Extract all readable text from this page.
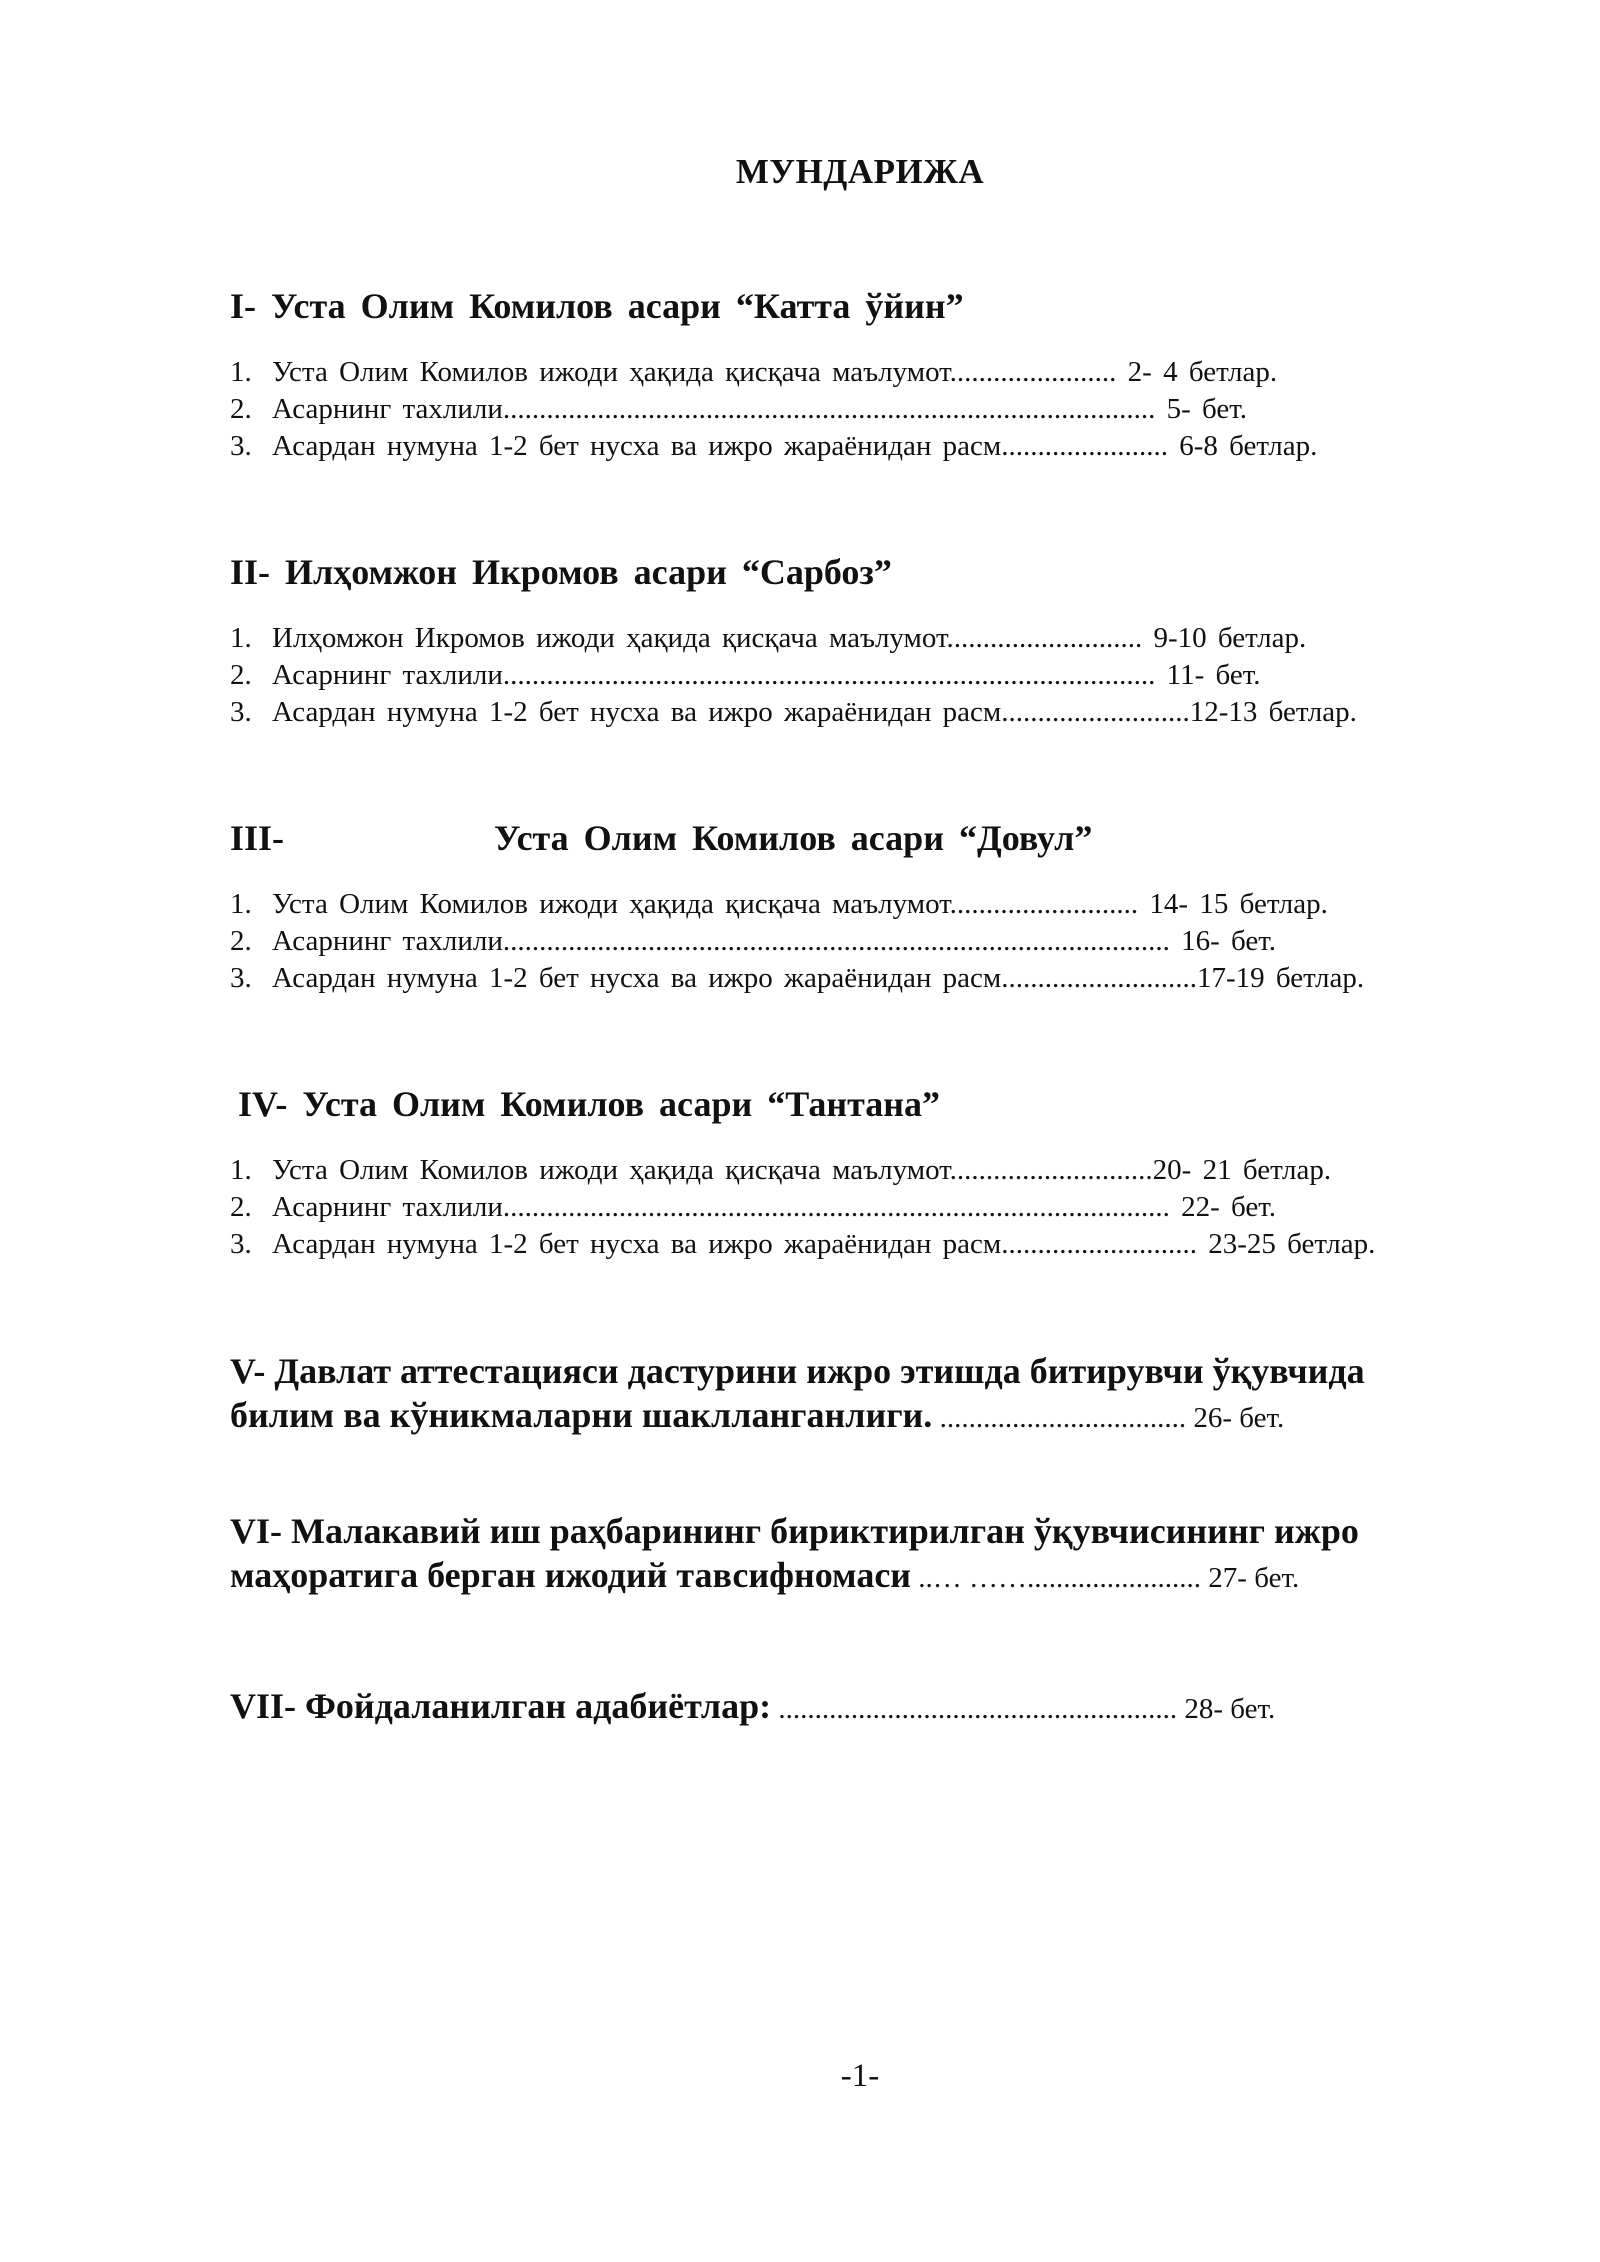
МУНДАРИЖА
I- Уста Олим Комилов асари “Катта ўйин”
1. Уста Олим Комилов ижоди ҳақида қисқача маълумот....................... 2- 4 бетлар.
2. Асарнинг тахлили.......................................................................................... 5- бет.
3. Асардан нумуна 1-2 бет нусха ва ижро жараёнидан расм....................... 6-8 бетлар.
II- Илҳомжон Икромов асари “Сарбоз”
1. Илҳомжон Икромов ижоди ҳақида қисқача маълумот........................... 9-10 бетлар.
2. Асарнинг тахлили.......................................................................................... 11- бет.
3. Асардан нумуна 1-2 бет нусха ва ижро жараёнидан расм..........................12-13 бетлар.
III-	Уста Олим Комилов асари “Довул”
1. Уста Олим Комилов ижоди ҳақида қисқача маълумот.......................... 14- 15 бетлар.
2. Асарнинг тахлили............................................................................................ 16- бет.
3. Асардан нумуна 1-2 бет нусха ва ижро жараёнидан расм...........................17-19 бетлар.
IV- Уста Олим Комилов асари “Тантана”
1. Уста Олим Комилов ижоди ҳақида қисқача маълумот............................20- 21 бетлар.
2. Асарнинг тахлили............................................................................................ 22- бет.
3. Асардан нумуна 1-2 бет нусха ва ижро жараёнидан расм........................... 23-25 бетлар.
V- Давлат аттестацияси дастурини ижро этишда битирувчи ўқувчида
билим ва кўникмаларни шаклланганлиги. .................................. 26- бет.
VI- Малакавий иш раҳбарининг бириктирилган ўқувчисининг ижро
маҳоратига берган ижодий тавсифномаси ..… ……........................ 27- бет.
VII- Фойдаланилган адабиётлар: ....................................................... 28- бет.
-1-
